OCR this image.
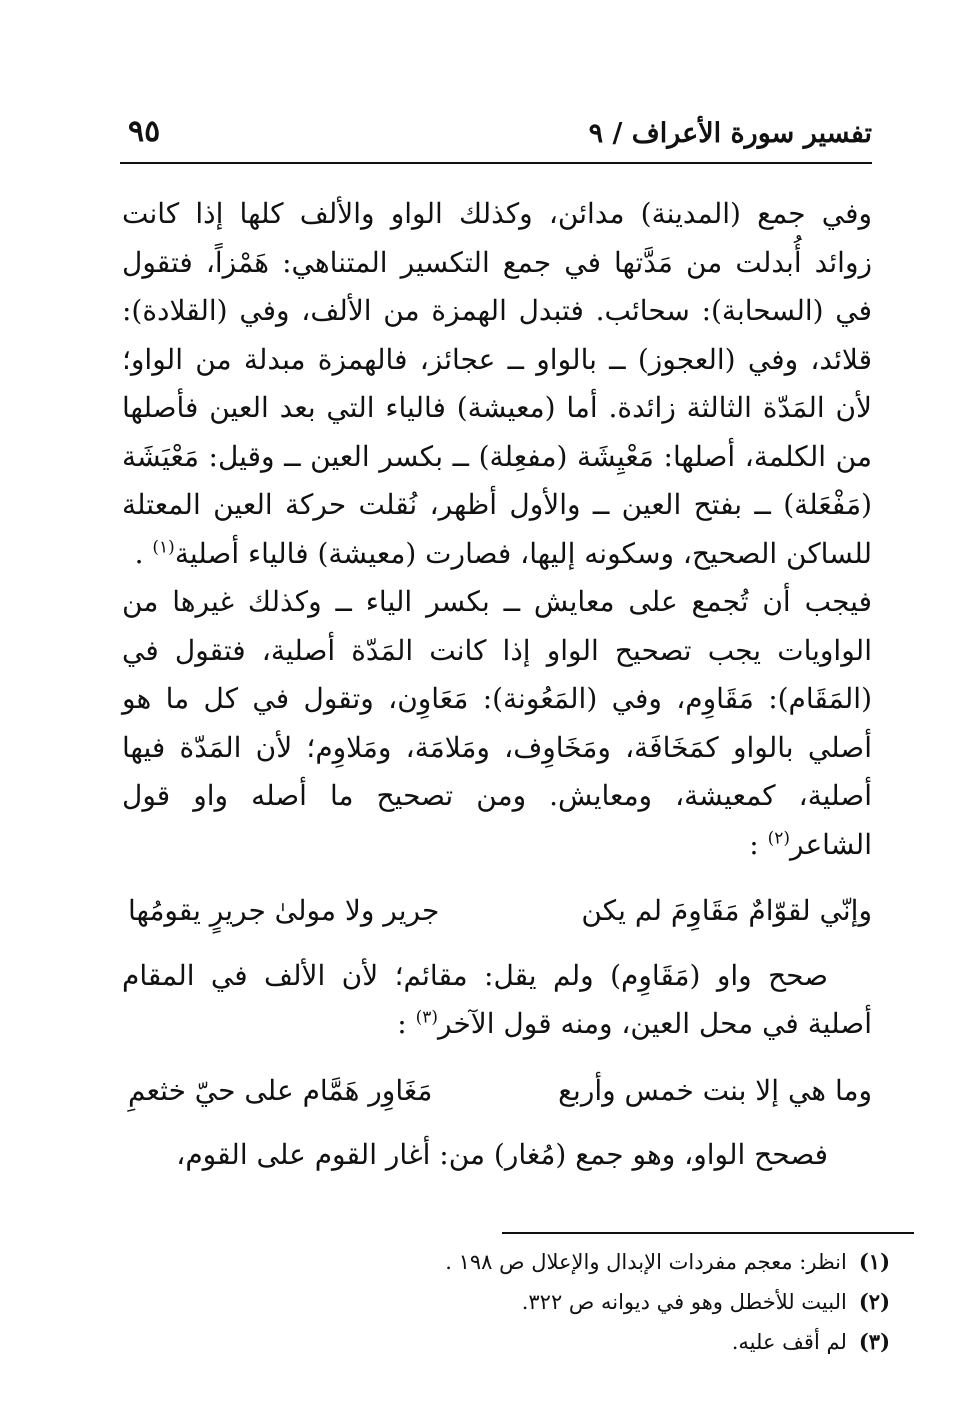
تفسير سورة الأعراف / ٩
٩٥

وفي جمع (المدينة) مدائن، وكذلك الواو والألف كلها إذا كانت زوائد أُبدلت من مَدَّتها في جمع التكسير المتناهي: هَمْزاً، فتقول في (السحابة): سحائب. فتبدل الهمزة من الألف، وفي (القلادة): قلائد، وفي (العجوز) ــ بالواو ــ عجائز، فالهمزة مبدلة من الواو؛ لأن المَدّة الثالثة زائدة. أما (معيشة) فالياء التي بعد العين فأصلها من الكلمة، أصلها: مَعْيِشَة (مفعِلة) ــ بكسر العين ــ وقيل: مَعْيَشَة (مَفْعَلة) ــ بفتح العين ــ والأول أظهر، نُقلت حركة العين المعتلة للساكن الصحيح، وسكونه إليها، فصارت (معيشة) فالياء أصلية$^{(١)}$ .

فيجب أن تُجمع على معايش ــ بكسر الياء ــ وكذلك غيرها من الواويات يجب تصحيح الواو إذا كانت المَدّة أصلية، فتقول في (المَقَام): مَقَاوِم، وفي (المَعُونة): مَعَاوِن، وتقول في كل ما هو أصلي بالواو كمَخَافَة، ومَخَاوِف، ومَلامَة، ومَلاوِم؛ لأن المَدّة فيها أصلية، كمعيشة، ومعايش. ومن تصحيح ما أصله واو قول الشاعر$^{(٢)}$ :

وإنّي لقوّامٌ مَقَاوِمَ لم يكن
جرير ولا مولىٰ جريرٍ يقومُها

صحح واو (مَقَاوِم) ولم يقل: مقائم؛ لأن الألف في المقام أصلية في محل العين، ومنه قول الآخر$^{(٣)}$ :

وما هي إلا بنت خمس وأربع
مَغَاوِر هَمَّام على حيّ خثعمِ

فصحح الواو، وهو جمع (مُغار) من: أغار القوم على القوم،

(١)انظر: معجم مفردات الإبدال والإعلال ص ١٩٨ .

(٢)البيت للأخطل وهو في ديوانه ص ٣٢٢.

(٣)لم أقف عليه.
